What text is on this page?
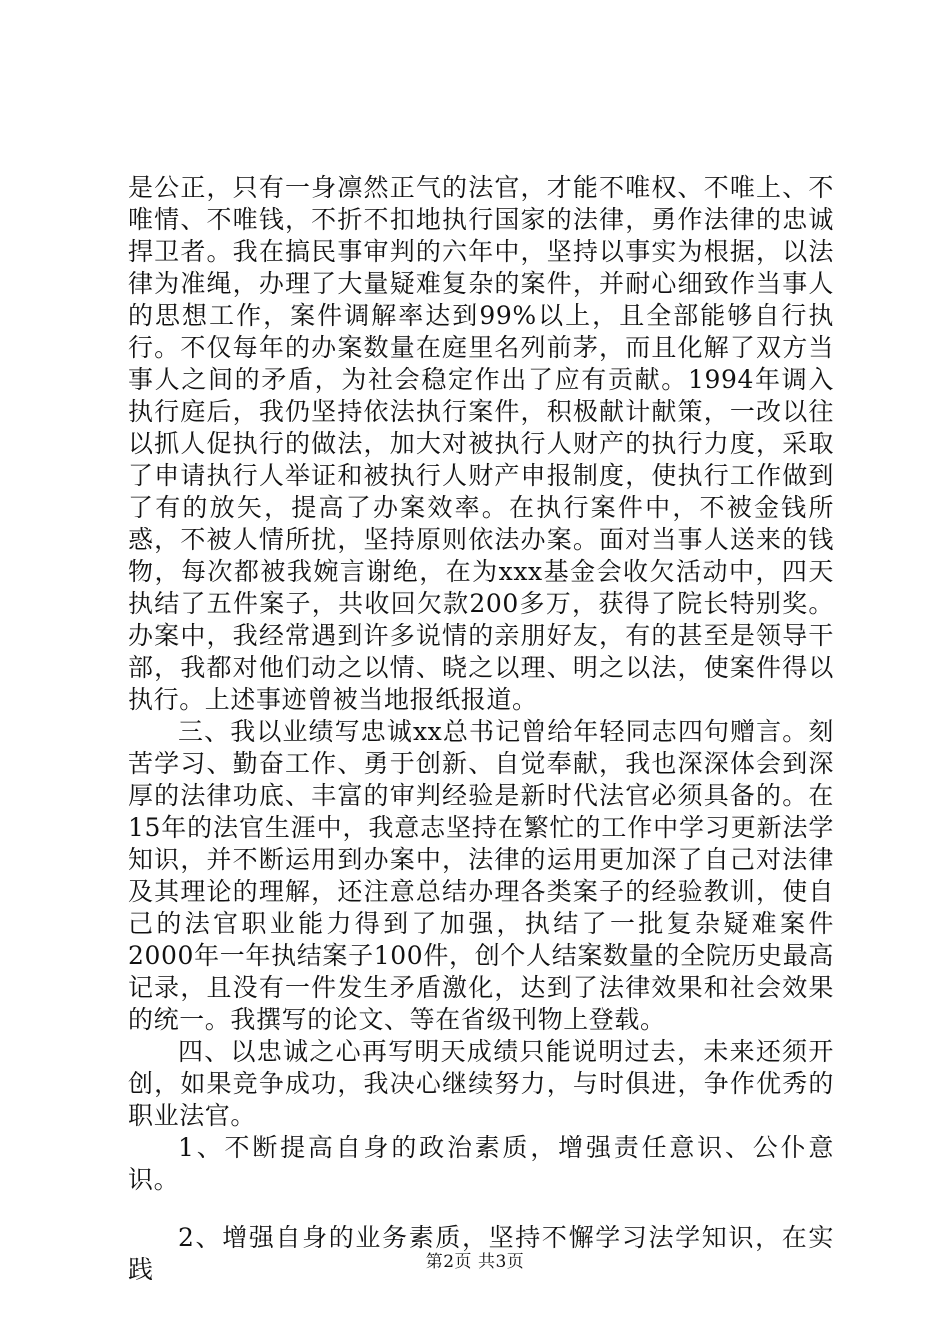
是公正，只有一身凛然正气的法官，才能不唯权、不唯上、不唯情、不唯钱，不折不扣地执行国家的法律，勇作法律的忠诚捍卫者。我在搞民事审判的六年中，坚持以事实为根据，以法律为准绳，办理了大量疑难复杂的案件，并耐心细致作当事人的思想工作，案件调解率达到99%以上，且全部能够自行执行。不仅每年的办案数量在庭里名列前茅，而且化解了双方当事人之间的矛盾，为社会稳定作出了应有贡献。1994年调入执行庭后，我仍坚持依法执行案件，积极献计献策，一改以往以抓人促执行的做法，加大对被执行人财产的执行力度，采取了申请执行人举证和被执行人财产申报制度，使执行工作做到了有的放矢，提高了办案效率。在执行案件中，不被金钱所惑，不被人情所扰，坚持原则依法办案。面对当事人送来的钱物，每次都被我婉言谢绝，在为xxx基金会收欠活动中，四天执结了五件案子，共收回欠款200多万，获得了院长特别奖。办案中，我经常遇到许多说情的亲朋好友，有的甚至是领导干部，我都对他们动之以情、晓之以理、明之以法，使案件得以执行。上述事迹曾被当地报纸报道。

三、我以业绩写忠诚xx总书记曾给年轻同志四句赠言。刻苦学习、勤奋工作、勇于创新、自觉奉献，我也深深体会到深厚的法律功底、丰富的审判经验是新时代法官必须具备的。在15年的法官生涯中，我意志坚持在繁忙的工作中学习更新法学知识，并不断运用到办案中，法律的运用更加深了自己对法律及其理论的理解，还注意总结办理各类案子的经验教训，使自己的法官职业能力得到了加强，执结了一批复杂疑难案件2000年一年执结案子100件，创个人结案数量的全院历史最高记录，且没有一件发生矛盾激化，达到了法律效果和社会效果的统一。我撰写的论文、等在省级刊物上登载。

四、以忠诚之心再写明天成绩只能说明过去，未来还须开创，如果竞争成功，我决心继续努力，与时俱进，争作优秀的职业法官。

1、不断提高自身的政治素质，增强责任意识、公仆意识。

2、增强自身的业务素质，坚持不懈学习法学知识，在实践	第2页 共3页
